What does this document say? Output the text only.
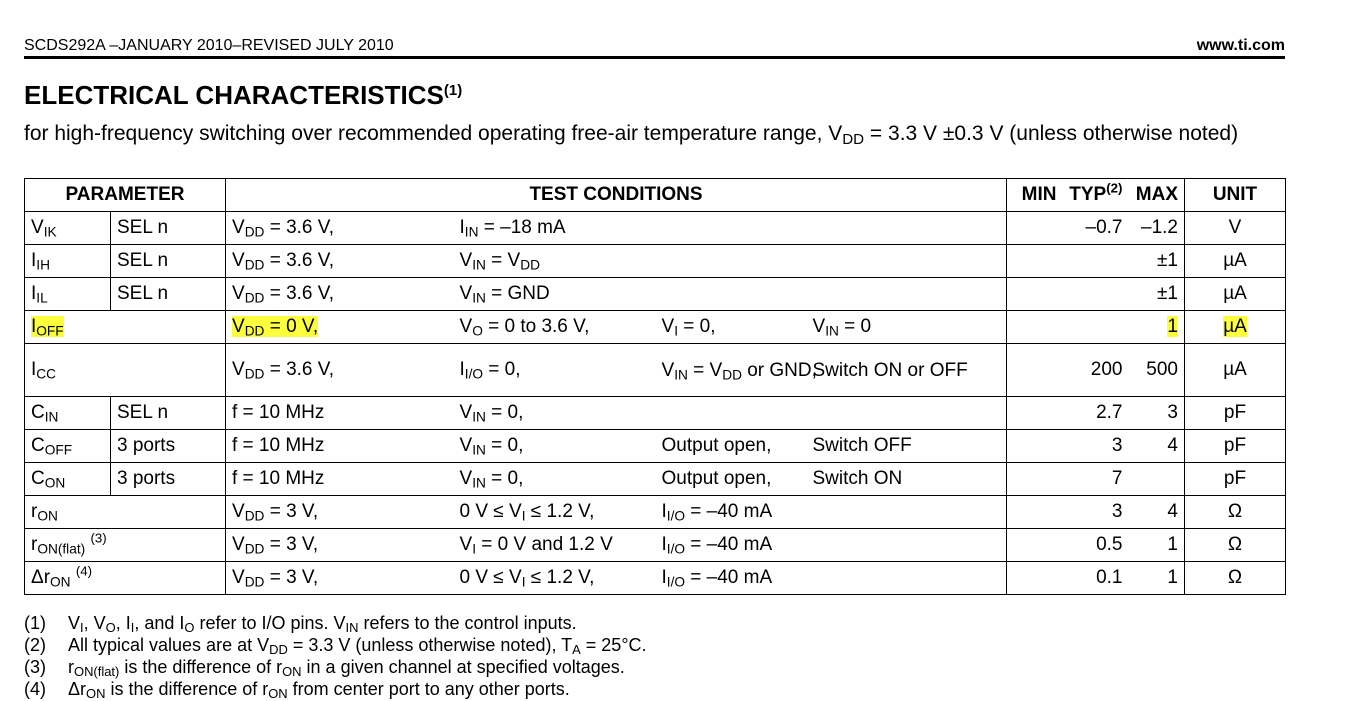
SCDS292A –JANUARY 2010–REVISED JULY 2010	www.ti.com
ELECTRICAL CHARACTERISTICS$^{(1)}$
for high-frequency switching over recommended operating free-air temperature range, $V_{DD} = 3.3$ V ±0.3 V (unless otherwise noted)
PARAMETER		TEST CONDITIONS				MIN	TYP$^{(2)}$	MAX	UNIT
$V_{IK}$	SEL n	$V_{DD} = 3.6$ V,	$I_{IN} = -18$ mA				–0.7	–1.2	V
$I_{IH}$	SEL n	$V_{DD} = 3.6$ V,	$V_{IN} = V_{DD}$					±1	µA
$I_{IL}$	SEL n	$V_{DD} = 3.6$ V,	$V_{IN}$ = GND					±1	µA
$I_{OFF}$		$V_{DD} = 0$ V,	$V_O = 0$ to 3.6 V,	$V_I = 0$,	$V_{IN} = 0$			1	µA
$I_{CC}$		$V_{DD} = 3.6$ V,	$I_{I/O} = 0$,	$V_{IN} = V_{DD}$ or GND,	Switch ON or OFF		200	500	µA
$C_{IN}$	SEL n	f = 10 MHz	$V_{IN} = 0$,				2.7	3	pF
$C_{OFF}$	3 ports	f = 10 MHz	$V_{IN} = 0$,	Output open,	Switch OFF		3	4	pF
$C_{ON}$	3 ports	f = 10 MHz	$V_{IN} = 0$,	Output open,	Switch ON		7		pF
$r_{ON}$		$V_{DD} = 3$ V,	0 $V \le V_I \le 1.2$ V,	$I_{I/O} = -40$ mA			3	4	Ω
$r_{ON(flat)}$ $^{(3)}$		$V_{DD} = 3$ V,	$V_I = 0$ V and 1.2 V	$I_{I/O} = -40$ mA			0.5	1	Ω
$\Delta r_{ON}$ $^{(4)}$		$V_{DD} = 3$ V,	0 $V \le V_I \le 1.2$ V,	$I_{I/O} = -40$ mA			0.1	1	Ω
(1) $V_I$, $V_O$, $I_I$, and $I_O$ refer to I/O pins. $V_{IN}$ refers to the control inputs.
(2) All typical values are at $V_{DD} = 3.3$ V (unless otherwise noted), $T_A = 25^\circ C$.
(3) $r_{ON(flat)}$ is the difference of $r_{ON}$ in a given channel at specified voltages.
(4) $\Delta r_{ON}$ is the difference of $r_{ON}$ from center port to any other ports.
